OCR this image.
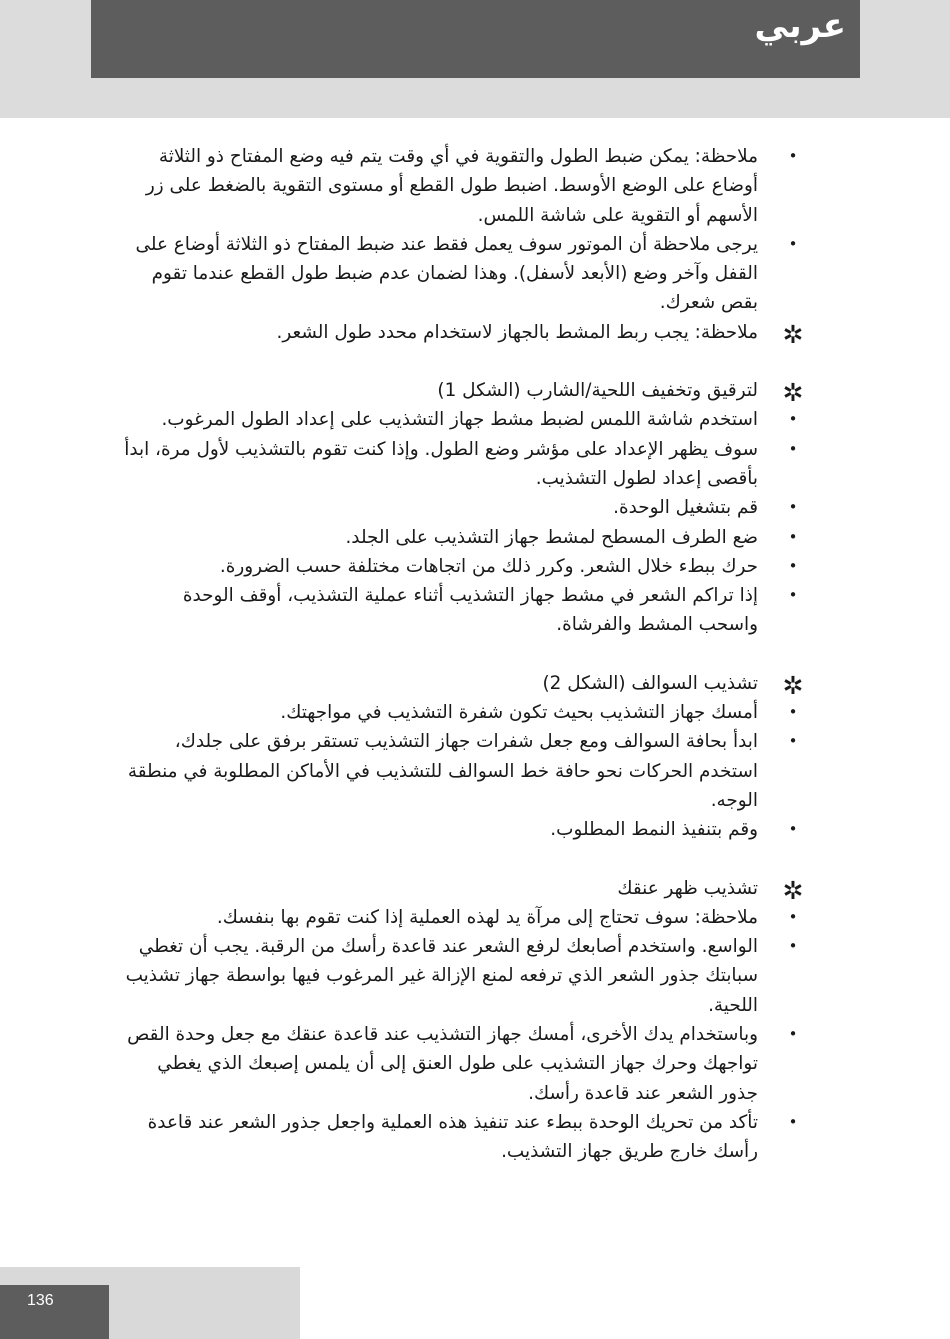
عربي
•
ملاحظة: يمكن ضبط الطول والتقوية في أي وقت يتم فيه وضع المفتاح ذو الثلاثة أوضاع على الوضع الأوسط. اضبط طول القطع أو مستوى التقوية بالضغط على زر الأسهم أو التقوية على شاشة اللمس.
•
يرجى ملاحظة أن الموتور سوف يعمل فقط عند ضبط المفتاح ذو الثلاثة أوضاع على القفل وآخر وضع (الأبعد لأسفل). وهذا لضمان عدم ضبط طول القطع عندما تقوم بقص شعرك.
✲
ملاحظة: يجب ربط المشط بالجهاز لاستخدام محدد طول الشعر.
✲
لترقيق وتخفيف اللحية/الشارب (الشكل 1)
•
استخدم شاشة اللمس لضبط مشط جهاز التشذيب على إعداد الطول المرغوب.
•
سوف يظهر الإعداد على مؤشر وضع الطول. وإذا كنت تقوم بالتشذيب لأول مرة، ابدأ بأقصى إعداد لطول التشذيب.
•
قم بتشغيل الوحدة.
•
ضع الطرف المسطح لمشط جهاز التشذيب على الجلد.
•
حرك ببطء خلال الشعر. وكرر ذلك من اتجاهات مختلفة حسب الضرورة.
•
إذا تراكم الشعر في مشط جهاز التشذيب أثناء عملية التشذيب، أوقف الوحدة واسحب المشط والفرشاة.
✲
تشذيب السوالف (الشكل 2)
•
أمسك جهاز التشذيب بحيث تكون شفرة التشذيب في مواجهتك.
•
ابدأ بحافة السوالف ومع جعل شفرات جهاز التشذيب تستقر برفق على جلدك، استخدم الحركات نحو حافة خط السوالف للتشذيب في الأماكن المطلوبة في منطقة الوجه.
•
وقم بتنفيذ النمط المطلوب.
✲
تشذيب ظهر عنقك
•
ملاحظة: سوف تحتاج إلى مرآة يد لهذه العملية إذا كنت تقوم بها بنفسك.
•
الواسع. واستخدم أصابعك لرفع الشعر عند قاعدة رأسك من الرقبة. يجب أن تغطي سبابتك جذور الشعر الذي ترفعه لمنع الإزالة غير المرغوب فيها بواسطة جهاز تشذيب اللحية.
•
وباستخدام يدك الأخرى، أمسك جهاز التشذيب عند قاعدة عنقك مع جعل وحدة القص تواجهك وحرك جهاز التشذيب على طول العنق إلى أن يلمس إصبعك الذي يغطي جذور الشعر عند قاعدة رأسك.
•
تأكد من تحريك الوحدة ببطء عند تنفيذ هذه العملية واجعل جذور الشعر عند قاعدة رأسك خارج طريق جهاز التشذيب.
136
